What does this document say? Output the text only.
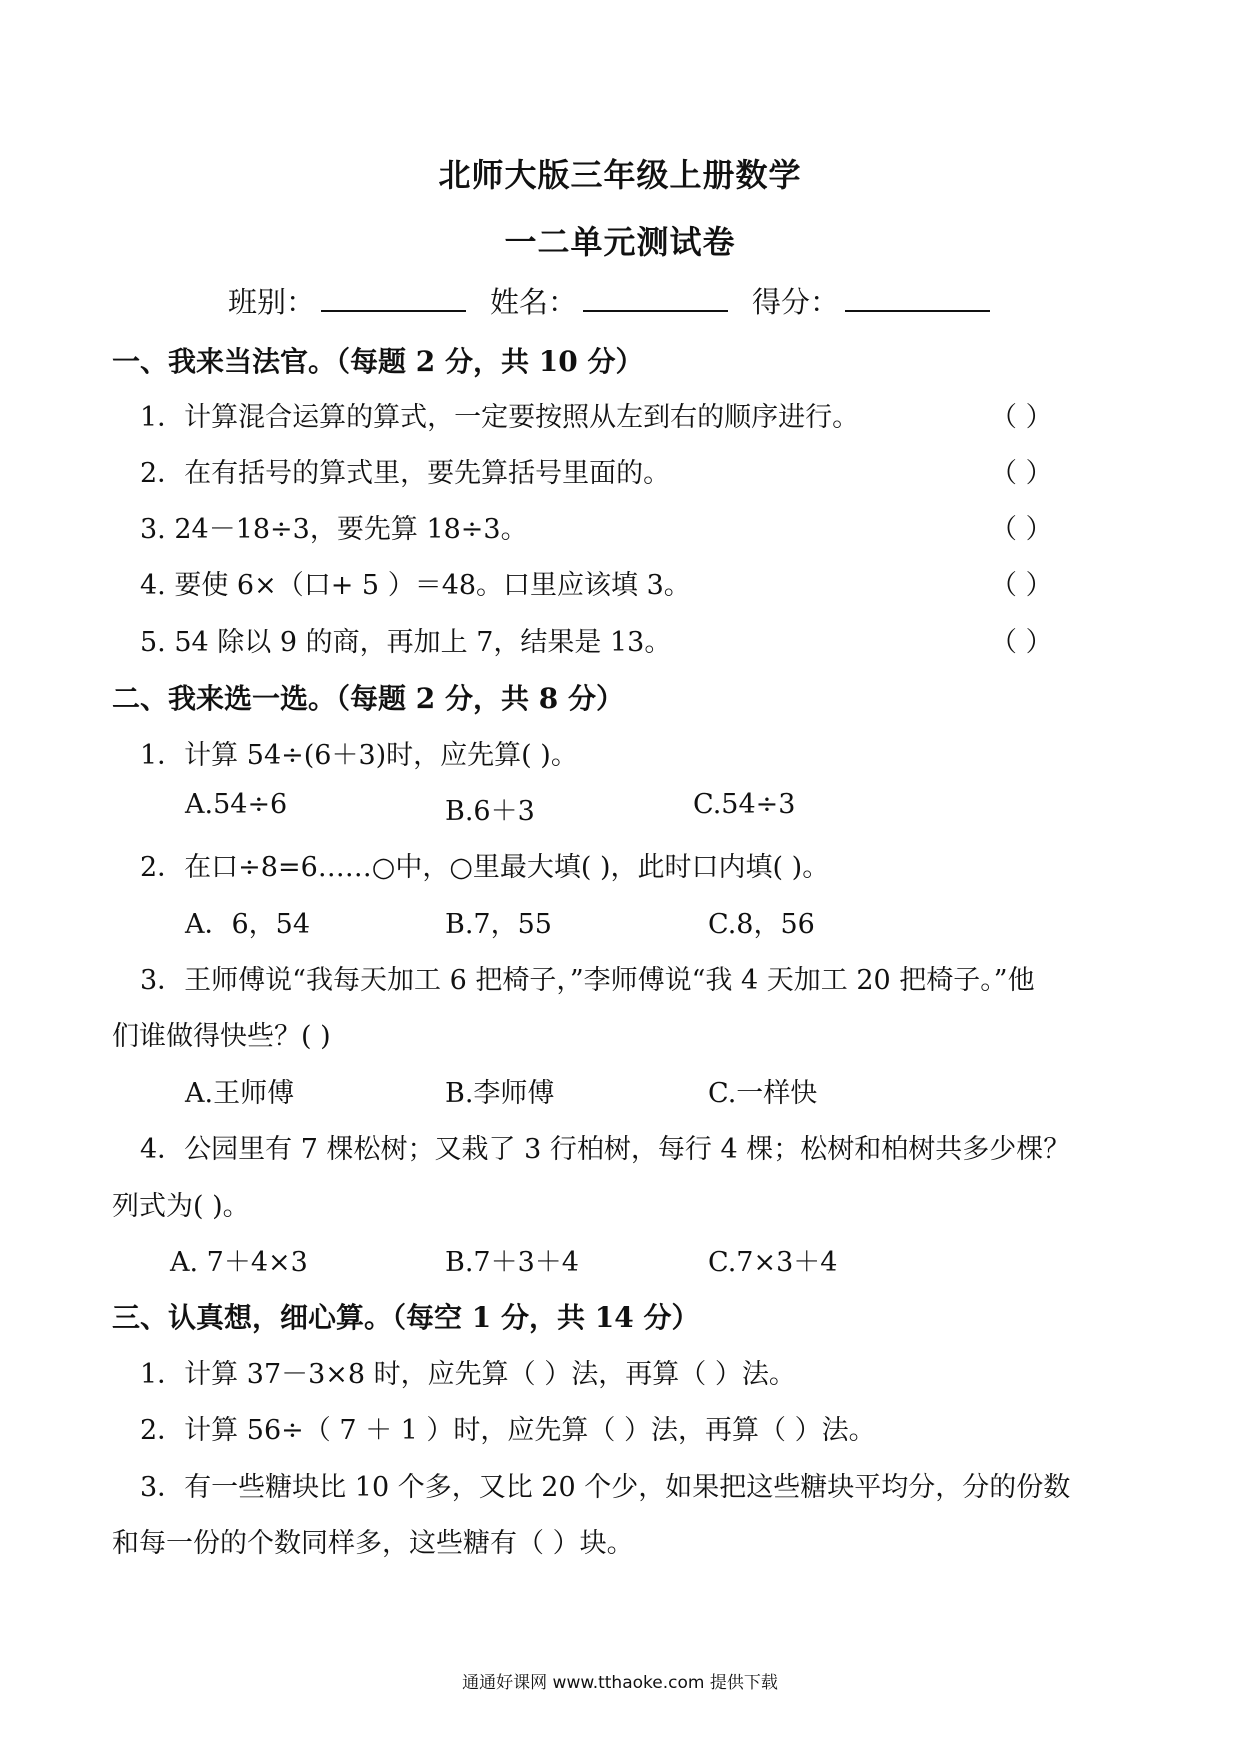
北师大版三年级上册数学
一二单元测试卷
班别：	姓名：	得分：
一、我来当法官。（每题 2 分，共 10 分）
1．计算混合运算的算式，一定要按照从左到右的顺序进行。	（ ）
2．在有括号的算式里，要先算括号里面的。	（ ）
3. 24－18÷3，要先算 18÷3。	（ ）
4. 要使 6×（口+ 5 ）＝48。口里应该填 3。	（ ）
5. 54 除以 9 的商，再加上 7，结果是 13。	（ ）
二、我来选一选。（每题 2 分，共 8 分）
1．计算 54÷(6＋3)时，应先算( )。
A.54÷6	B.6＋3	C.54÷3
2．在口÷8=6……○中，○里最大填( )，此时口内填( )。
A．6，54	B.7，55	C.8，56
3．王师傅说“我每天加工 6 把椅子，”李师傅说“我 4 天加工 20 把椅子。”他
们谁做得快些？( )
A.王师傅	B.李师傅	C.一样快
4．公园里有 7 棵松树；又栽了 3 行柏树，每行 4 棵；松树和柏树共多少棵？
列式为( )。
A. 7＋4×3	B.7＋3＋4	C.7×3＋4
三、认真想，细心算。（每空 1 分，共 14 分）
1．计算 37－3×8 时，应先算（ ）法，再算（ ）法。
2．计算 56÷（ 7 ＋ 1 ）时，应先算（ ）法，再算（ ）法。
3．有一些糖块比 10 个多，又比 20 个少，如果把这些糖块平均分，分的份数
和每一份的个数同样多，这些糖有（ ）块。
通通好课网 www.tthaoke.com 提供下载
